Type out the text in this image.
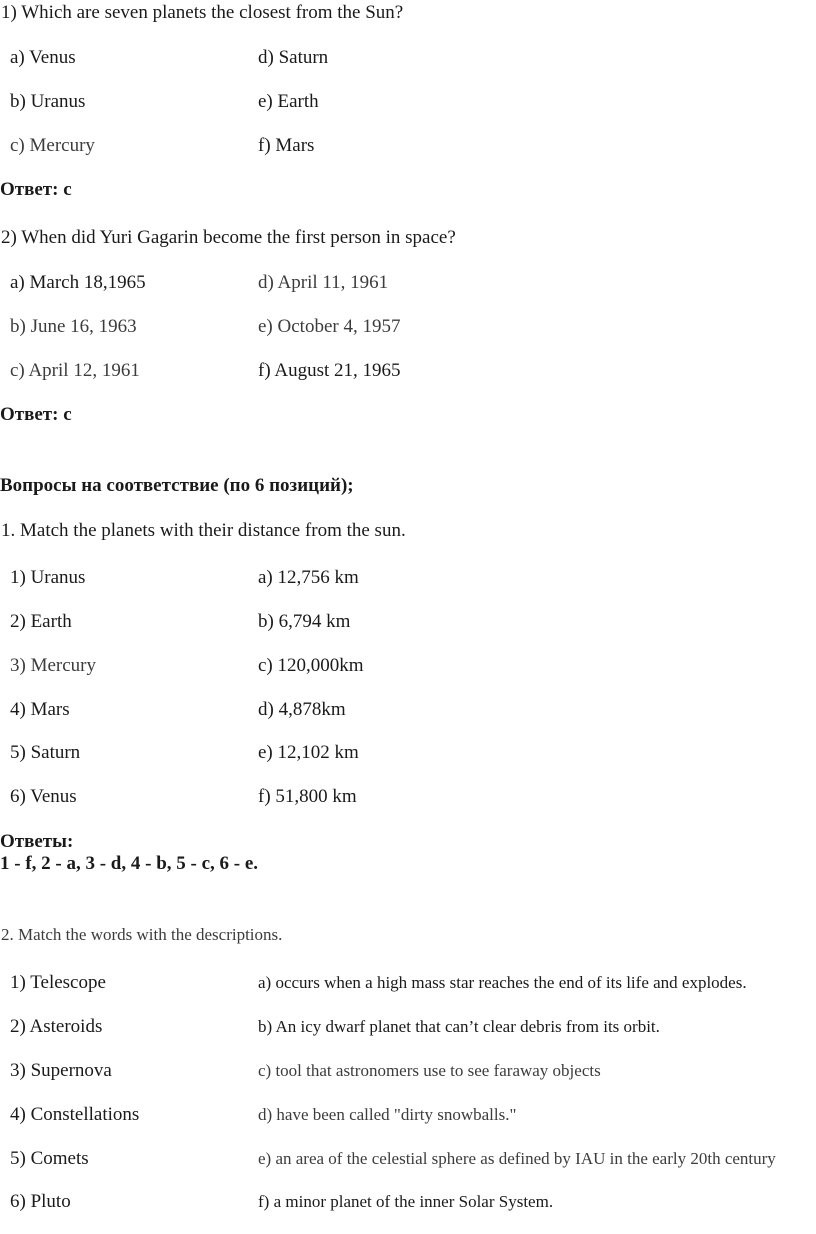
1) Which are seven planets the closest from the Sun?
a) Venus
b) Uranus
c) Mercury
d) Saturn
e) Earth
f) Mars
Ответ: c
2) When did Yuri Gagarin become the first person in space?
a) March 18,1965
b) June 16, 1963
c) April 12, 1961
d) April 11, 1961
e) October 4, 1957
f) August 21, 1965
Ответ: c
Вопросы на соответствие (по 6 позиций);
1. Match the planets with their distance from the sun.
1) Uranus
2) Earth
3) Mercury
4) Mars
5) Saturn
6) Venus
a) 12,756 km
b) 6,794 km
c) 120,000km
d) 4,878km
e) 12,102 km
f) 51,800 km
Ответы:
1 - f, 2 - a, 3 - d, 4 - b, 5 - c, 6 - e.
2. Match the words with the descriptions.
1) Telescope
2) Asteroids
3) Supernova
4) Constellations
5) Comets
6) Pluto
a) occurs when a high mass star reaches the end of its life and explodes.
b) An icy dwarf planet that can’t clear debris from its orbit.
c) tool that astronomers use to see faraway objects
d) have been called "dirty snowballs."
e) an area of the celestial sphere as defined by IAU in the early 20th century
f) a minor planet of the inner Solar System.
